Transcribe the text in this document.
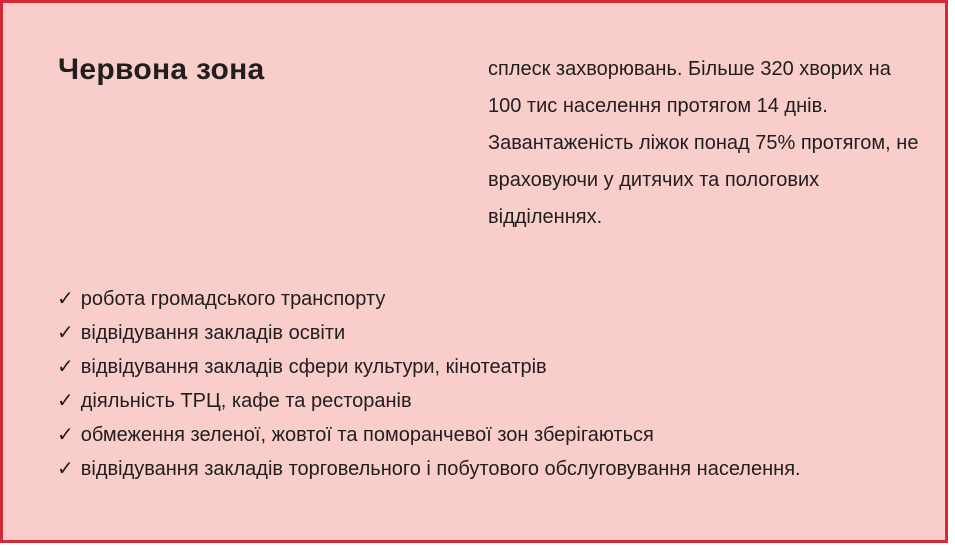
Червона зона	сплеск захворювань. Більше 320 хворих на 100 тис населення протягом 14 днів. Завантаженість ліжок понад 75% протягом, не враховуючи у дитячих та пологових відділеннях.

✓ робота громадського транспорту
✓ відвідування закладів освіти
✓ відвідування закладів сфери культури, кінотеатрів
✓ діяльність ТРЦ, кафе та ресторанів
✓ обмеження зеленої, жовтої та поморанчевої зон зберігаються
✓ відвідування закладів торговельного і побутового обслуговування населення.
